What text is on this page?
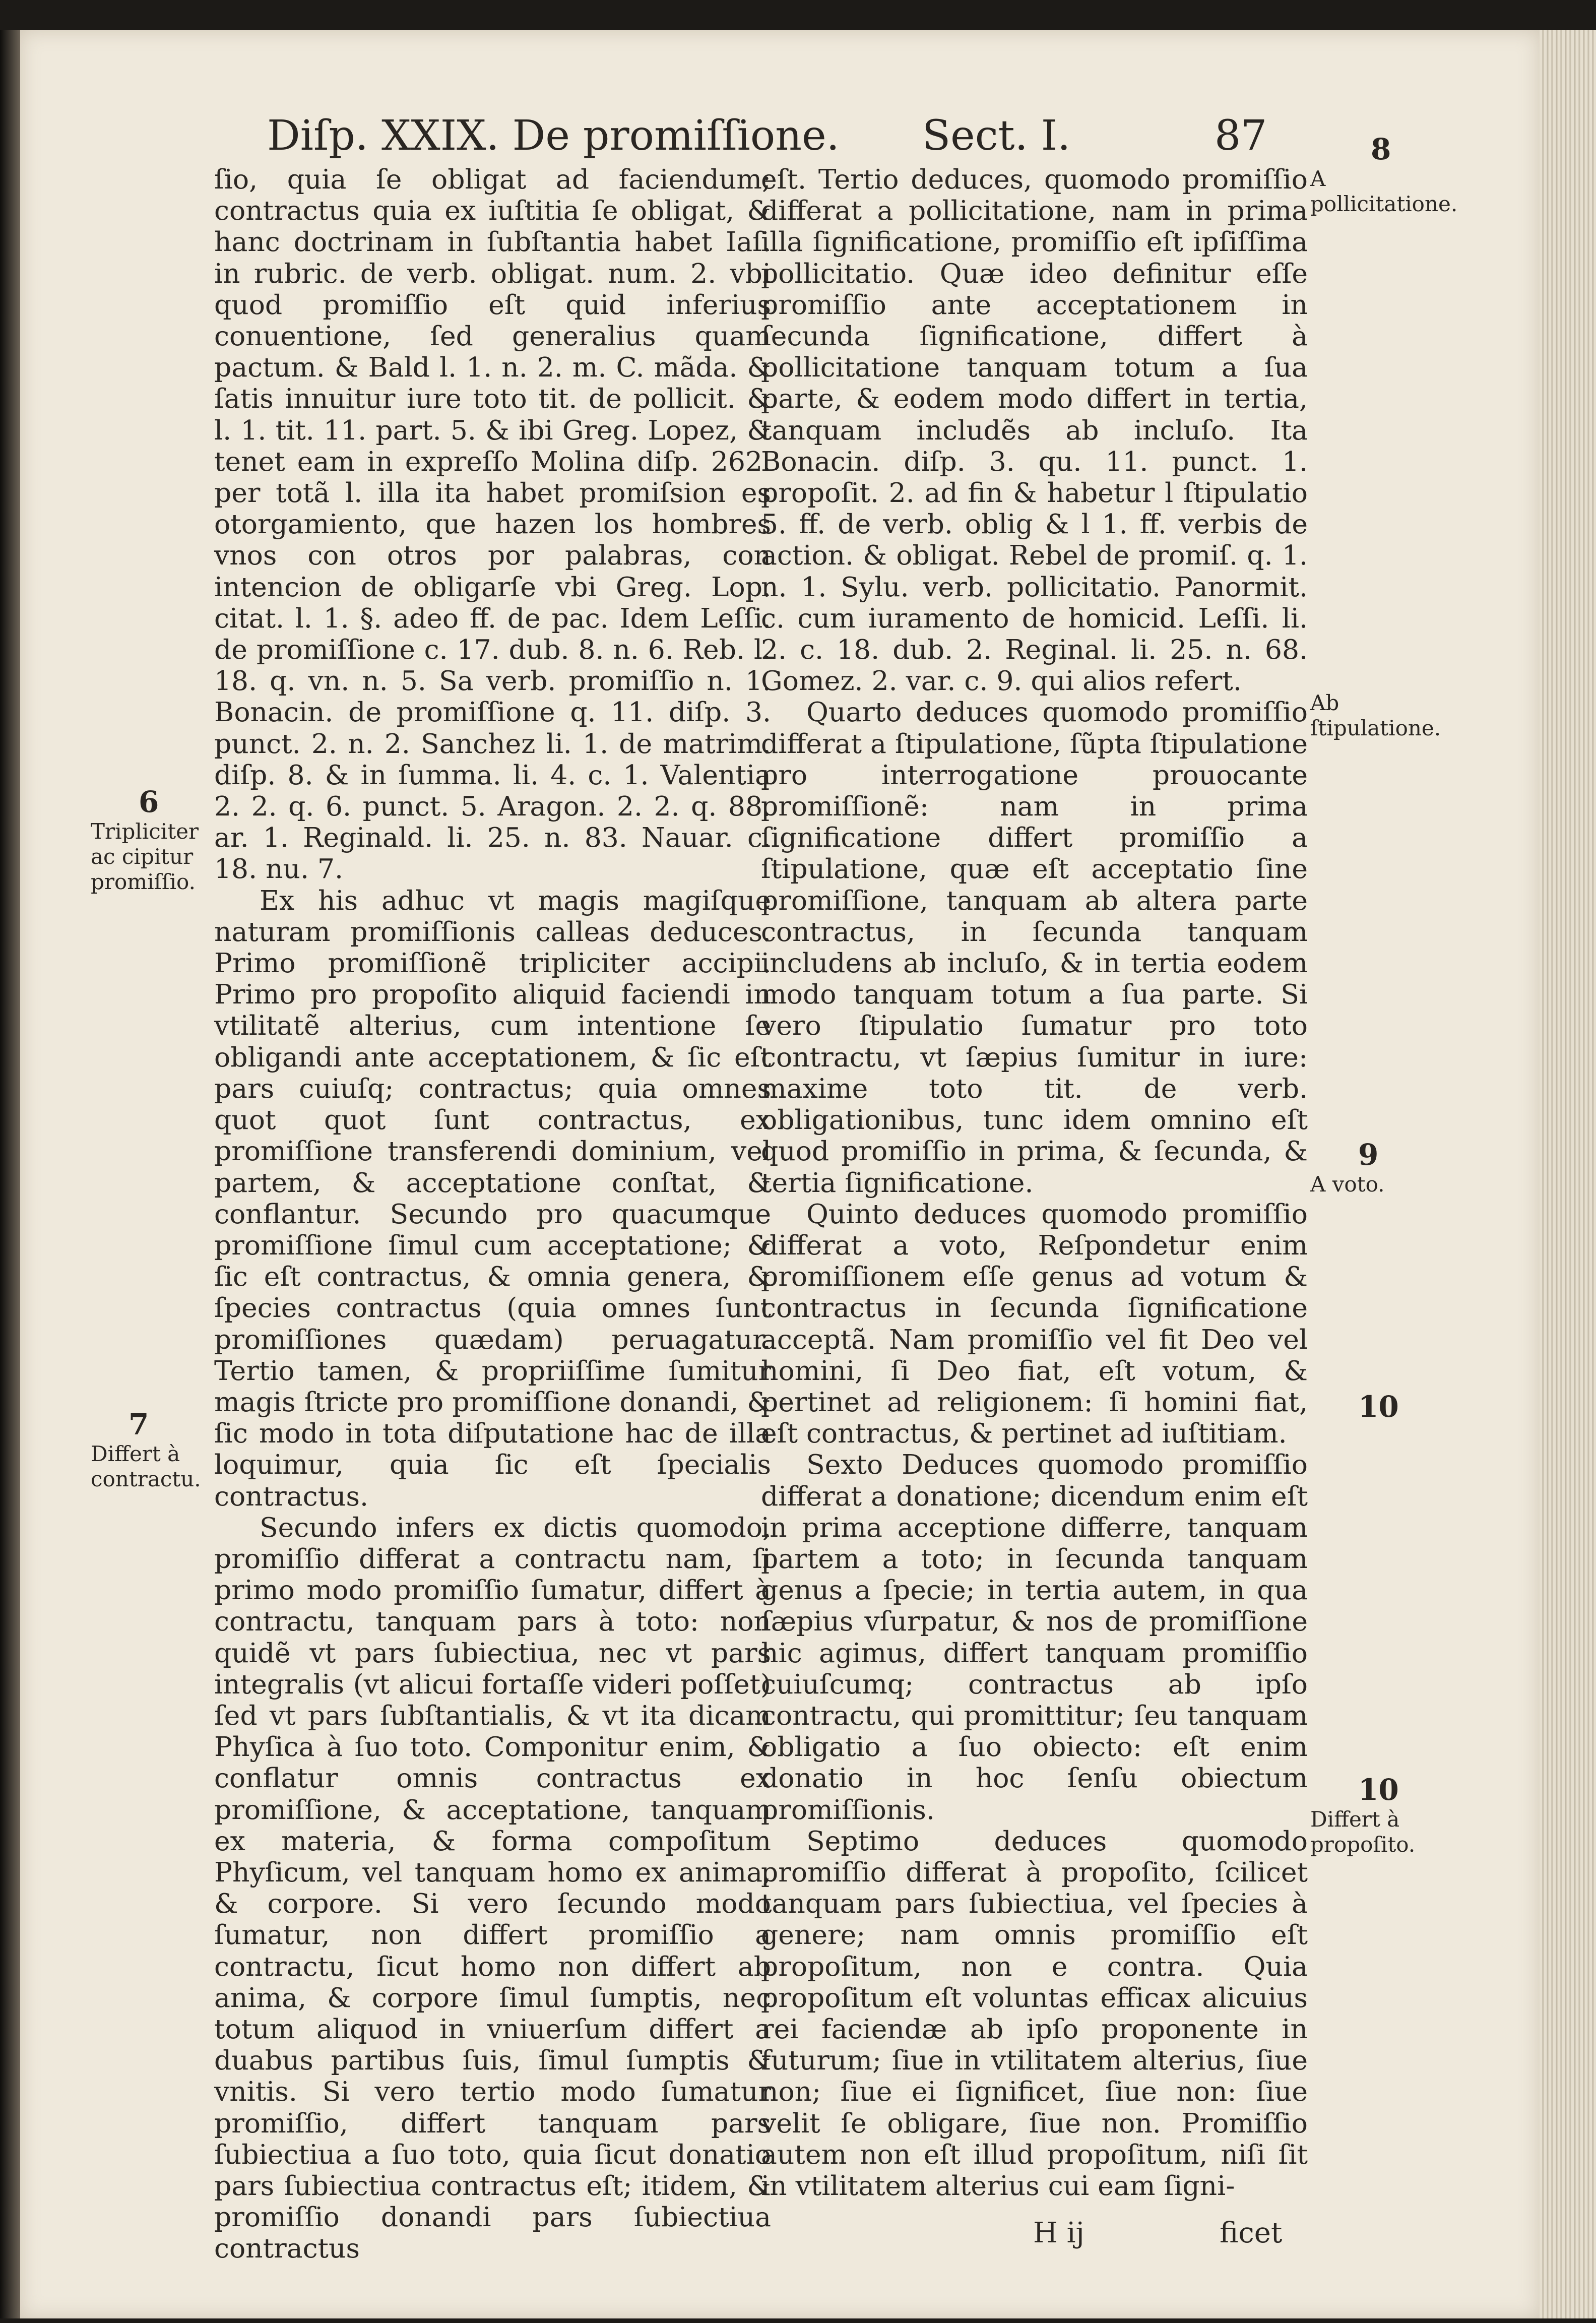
Diſp. XXIX. De promiſſione. Sect. I.	87

ſio, quia ſe obligat ad faciendum; contractus quia ex iuſtitia ſe obligat, & hanc doctrinam in ſubſtantia habet Iaſ. in rubric. de verb. obligat. num. 2. vbi quod promiſſio eſt quid inferius conuentione, ſed generalius quam pactum. & Bald l. 1. n. 2. m. C. mãda. & ſatis innuitur iure toto tit. de pollicit. & l. 1. tit. 11. part. 5. & ibi Greg. Lopez, & tenet eam in expreſſo Molina diſp. 262. per totã l. illa ita habet promiſsion es otorgamiento, que hazen los hombres vnos con otros por palabras, con intencion de obligarſe vbi Greg. Lop. citat. l. 1. §. adeo ff. de pac. Idem Leſſi. de promiſſione c. 17. dub. 8. n. 6. Reb. l. 18. q. vn. n. 5. Sa verb. promiſſio n. 1. Bonacin. de promiſſione q. 11. diſp. 3. punct. 2. n. 2. Sanchez li. 1. de matrim. diſp. 8. & in ſumma. li. 4. c. 1. Valentia 2. 2. q. 6. punct. 5. Aragon. 2. 2. q. 88. ar. 1. Reginald. li. 25. n. 83. Nauar. c. 18. nu. 7.

Ex his adhuc vt magis magiſque naturam promiſſionis calleas deduces. Primo promiſſionẽ tripliciter accipi. Primo pro propoſito aliquid faciendi in vtilitatẽ alterius, cum intentione ſe obligandi ante acceptationem, & ſic eſt pars cuiuſq; contractus; quia omnes quot quot ſunt contractus, ex promiſſione transferendi dominium, vel partem, & acceptatione conſtat, & conflantur. Secundo pro quacumque promiſſione ſimul cum acceptatione; & ſic eſt contractus, & omnia genera, & ſpecies contractus (quia omnes ſunt promiſſiones quædam) peruagatur. Tertio tamen, & propriiſſime ſumitur magis ſtricte pro promiſſione donandi, & ſic modo in tota diſputatione hac de illa loquimur, quia ſic eſt ſpecialis contractus.

Secundo infers ex dictis quomodo, promiſſio differat a contractu nam, ſi primo modo promiſſio ſumatur, differt à contractu, tanquam pars à toto: non quidẽ vt pars ſubiectiua, nec vt pars integralis (vt alicui fortaſſe videri poſſet) ſed vt pars ſubſtantialis, & vt ita dicam Phyſica à ſuo toto. Componitur enim, & conflatur omnis contractus ex promiſſione, & acceptatione, tanquam ex materia, & forma compoſitum Phyſicum, vel tanquam homo ex anima, & corpore. Si vero ſecundo modo ſumatur, non differt promiſſio a contractu, ſicut homo non differt ab anima, & corpore ſimul ſumptis, nec totum aliquod in vniuerſum differt a duabus partibus ſuis, ſimul ſumptis & vnitis. Si vero tertio modo ſumatur promiſſio, differt tanquam pars ſubiectiua a ſuo toto, quia ſicut donatio pars ſubiectiua contractus eſt; itidem, & promiſſio donandi pars ſubiectiua contractus

eſt. Tertio deduces, quomodo promiſſio differat a pollicitatione, nam in prima illa ſignificatione, promiſſio eſt ipſiſſima pollicitatio. Quæ ideo definitur eſſe promiſſio ante acceptationem in ſecunda ſignificatione, differt à pollicitatione tanquam totum a ſua parte, & eodem modo differt in tertia, tanquam includẽs ab incluſo. Ita Bonacin. diſp. 3. qu. 11. punct. 1. propoſit. 2. ad fin & habetur l ſtipulatio 5. ff. de verb. oblig & l 1. ff. verbis de action. & obligat. Rebel de promiſ. q. 1. n. 1. Sylu. verb. pollicitatio. Panormit. c. cum iuramento de homicid. Leſſi. li. 2. c. 18. dub. 2. Reginal. li. 25. n. 68. Gomez. 2. var. c. 9. qui alios refert.

Quarto deduces quomodo promiſſio differat a ſtipulatione, ſũpta ſtipulatione pro interrogatione prouocante promiſſionẽ: nam in prima ſignificatione differt promiſſio a ſtipulatione, quæ eſt acceptatio ſine promiſſione, tanquam ab altera parte contractus, in ſecunda tanquam includens ab incluſo, & in tertia eodem modo tanquam totum a ſua parte. Si vero ſtipulatio ſumatur pro toto contractu, vt ſæpius ſumitur in iure: maxime toto tit. de verb. obligationibus, tunc idem omnino eſt quod promiſſio in prima, & ſecunda, & tertia ſignificatione.

Quinto deduces quomodo promiſſio differat a voto, Reſpondetur enim promiſſionem eſſe genus ad votum & contractus in ſecunda ſignificatione acceptã. Nam promiſſio vel fit Deo vel homini, ſi Deo fiat, eſt votum, & pertinet ad religionem: ſi homini fiat, eſt contractus, & pertinet ad iuſtitiam.

Sexto Deduces quomodo promiſſio differat a donatione; dicendum enim eſt in prima acceptione differre, tanquam partem a toto; in ſecunda tanquam genus a ſpecie; in tertia autem, in qua ſæpius vſurpatur, & nos de promiſſione hic agimus, differt tanquam promiſſio cuiuſcumq; contractus ab ipſo contractu, qui promittitur; ſeu tanquam obligatio a ſuo obiecto: eſt enim donatio in hoc ſenſu obiectum promiſſionis.

Septimo deduces quomodo promiſſio differat à propoſito, ſcilicet tanquam pars ſubiectiua, vel ſpecies à genere; nam omnis promiſſio eſt propoſitum, non e contra. Quia propoſitum eſt voluntas efficax alicuius rei faciendæ ab ipſo proponente in futurum; ſiue in vtilitatem alterius, ſiue non; ſiue ei ſignificet, ſiue non: ſiue velit ſe obligare, ſiue non. Promiſſio autem non eſt illud propoſitum, niſi ſit in vtilitatem alterius cui eam ſigni-

6
Tripliciter ac cipitur promiſſio.
7
Differt à contractu.
8
A pollicitatione.
Ab ſtipulatione.
9
A voto.
10
10
Differt à propoſito.
H ij	ficet
